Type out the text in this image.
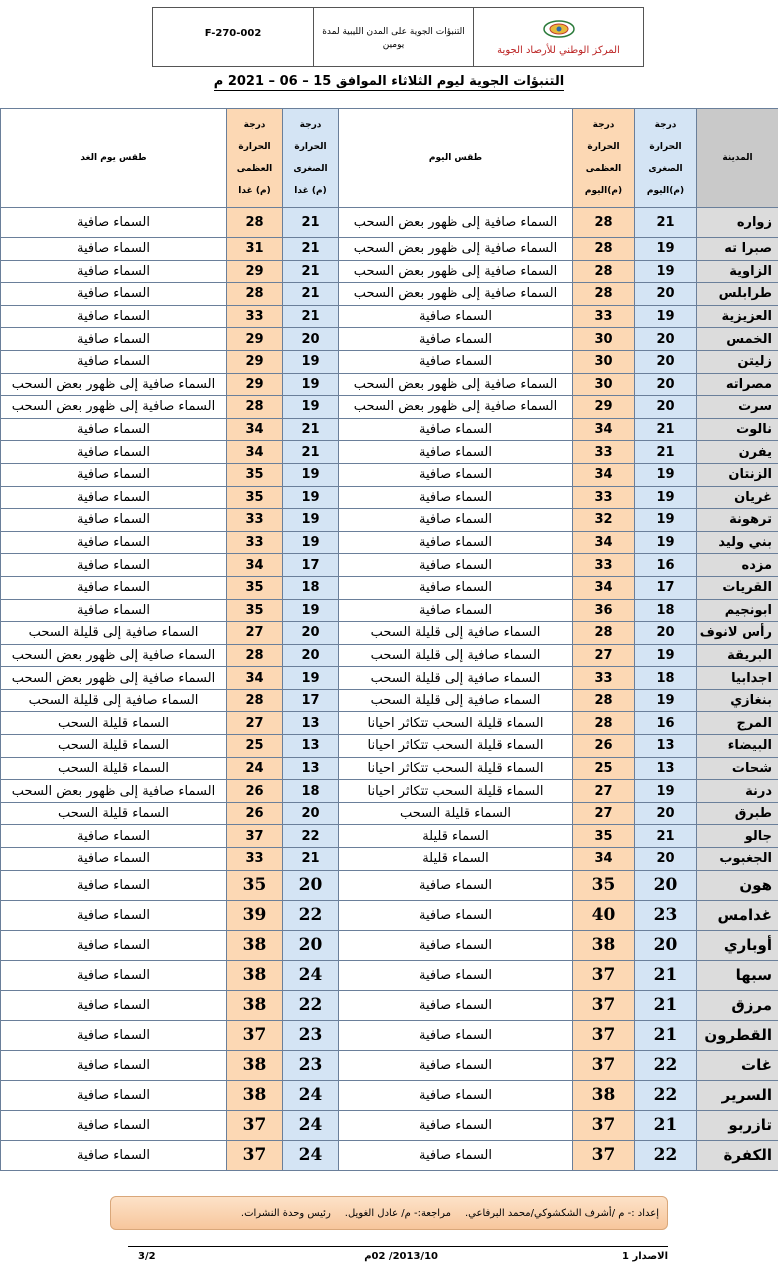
المركز الوطني للأرصاد الجوية
التنبؤات الجوية على المدن الليبية لمدة يومين
F-270-002
التنبؤات الجوية ليوم الثلاثاء الموافق 15 – 06 – 2021 م
المدينة	درجة
الحرارة
الصغرى
(م)اليوم	درجة
الحرارة
العظمى
(م)اليوم	طقس اليوم	درجة
الحرارة
الصغرى
(م) غدا	درجة
الحرارة
العظمى
(م) غدا	طقس يوم الغد

زواره	21	28	السماء صافية إلى ظهور بعض السحب	21	28	السماء صافية
صبرا ته	19	28	السماء صافية إلى ظهور بعض السحب	21	31	السماء صافية
الزاوية	19	28	السماء صافية إلى ظهور بعض السحب	21	29	السماء صافية
طرابلس	20	28	السماء صافية إلى ظهور بعض السحب	21	28	السماء صافية
العزيزية	19	33	السماء صافية	21	33	السماء صافية
الخمس	20	30	السماء صافية	20	29	السماء صافية
زليتن	20	30	السماء صافية	19	29	السماء صافية
مصراته	20	30	السماء صافية إلى ظهور بعض السحب	19	29	السماء صافية إلى ظهور بعض السحب
سرت	20	29	السماء صافية إلى ظهور بعض السحب	19	28	السماء صافية إلى ظهور بعض السحب
نالوت	21	34	السماء صافية	21	34	السماء صافية
يفرن	21	33	السماء صافية	21	34	السماء صافية
الزنتان	19	34	السماء صافية	19	35	السماء صافية
غريان	19	33	السماء صافية	19	35	السماء صافية
ترهونة	19	32	السماء صافية	19	33	السماء صافية
بني وليد	19	34	السماء صافية	19	33	السماء صافية
مزده	16	33	السماء صافية	17	34	السماء صافية
القريات	17	34	السماء صافية	18	35	السماء صافية
ابونجيم	18	36	السماء صافية	19	35	السماء صافية
رأس لانوف	20	28	السماء صافية إلى قليلة السحب	20	27	السماء صافية إلى قليلة السحب
البريقة	19	27	السماء صافية إلى قليلة السحب	20	28	السماء صافية إلى ظهور بعض السحب
اجدابيا	18	33	السماء صافية إلى قليلة السحب	19	34	السماء صافية إلى ظهور بعض السحب
بنغازي	19	28	السماء صافية إلى قليلة السحب	17	28	السماء صافية إلى قليلة السحب
المرج	16	28	السماء قليلة السحب تتكاثر احيانا	13	27	السماء قليلة السحب
البيضاء	13	26	السماء قليلة السحب تتكاثر احيانا	13	25	السماء قليلة السحب
شحات	13	25	السماء قليلة السحب تتكاثر احيانا	13	24	السماء قليلة السحب
درنة	19	27	السماء قليلة السحب تتكاثر احيانا	18	26	السماء صافية إلى ظهور بعض السحب
طبرق	20	27	السماء قليلة السحب	20	26	السماء قليلة السحب
جالو	21	35	السماء قليلة	22	37	السماء صافية
الجغبوب	20	34	السماء قليلة	21	33	السماء صافية
هون	20	35	السماء صافية	20	35	السماء صافية
غدامس	23	40	السماء صافية	22	39	السماء صافية
أوباري	20	38	السماء صافية	20	38	السماء صافية
سبها	21	37	السماء صافية	24	38	السماء صافية
مرزق	21	37	السماء صافية	22	38	السماء صافية
القطرون	21	37	السماء صافية	23	37	السماء صافية
غات	22	37	السماء صافية	23	38	السماء صافية
السرير	22	38	السماء صافية	24	38	السماء صافية
تازربو	21	37	السماء صافية	24	37	السماء صافية
الكفرة	22	37	السماء صافية	24	37	السماء صافية
إعداد :- م /أشرف الشكشوكي/محمد البرفاعي.
مراجعة:- م/ عادل الغويل.
رئيس وحدة النشرات.
الاصدار 1
2013/10/ 02م
3/2
